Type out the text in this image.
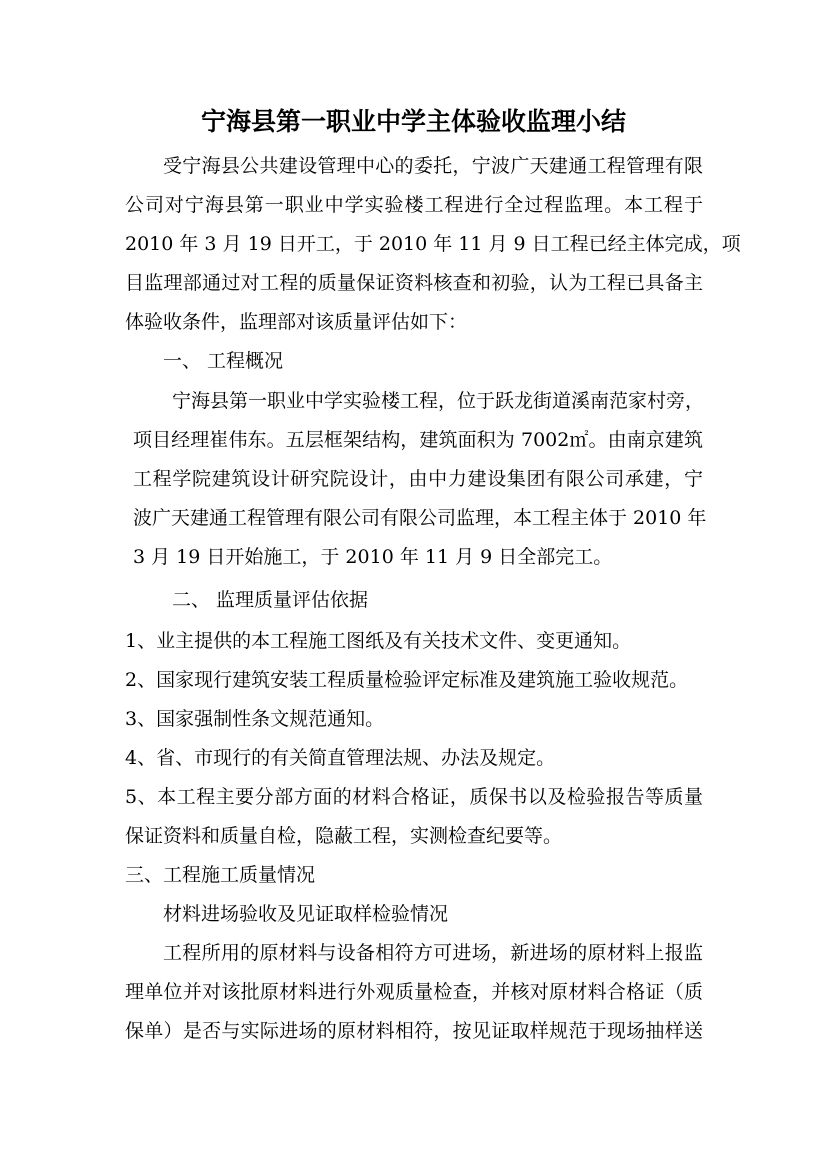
宁海县第一职业中学主体验收监理小结
受宁海县公共建设管理中心的委托，宁波广天建通工程管理有限
公司对宁海县第一职业中学实验楼工程进行全过程监理。本工程于
2010 年 3 月 19 日开工，于 2010 年 11 月 9 日工程已经主体完成，项
目监理部通过对工程的质量保证资料核查和初验，认为工程已具备主
体验收条件，监理部对该质量评估如下：
一、 工程概况
宁海县第一职业中学实验楼工程，位于跃龙街道溪南范家村旁，
项目经理崔伟东。五层框架结构，建筑面积为 7002㎡。由南京建筑
工程学院建筑设计研究院设计，由中力建设集团有限公司承建，宁
波广天建通工程管理有限公司有限公司监理，本工程主体于 2010 年
3 月 19 日开始施工，于 2010 年 11 月 9 日全部完工。
二、 监理质量评估依据
1、业主提供的本工程施工图纸及有关技术文件、变更通知。
2、国家现行建筑安装工程质量检验评定标准及建筑施工验收规范。
3、国家强制性条文规范通知。
4、省、市现行的有关简直管理法规、办法及规定。
5、本工程主要分部方面的材料合格证，质保书以及检验报告等质量
保证资料和质量自检，隐蔽工程，实测检查纪要等。
三、工程施工质量情况
材料进场验收及见证取样检验情况
工程所用的原材料与设备相符方可进场，新进场的原材料上报监
理单位并对该批原材料进行外观质量检查，并核对原材料合格证（质
保单）是否与实际进场的原材料相符，按见证取样规范于现场抽样送
